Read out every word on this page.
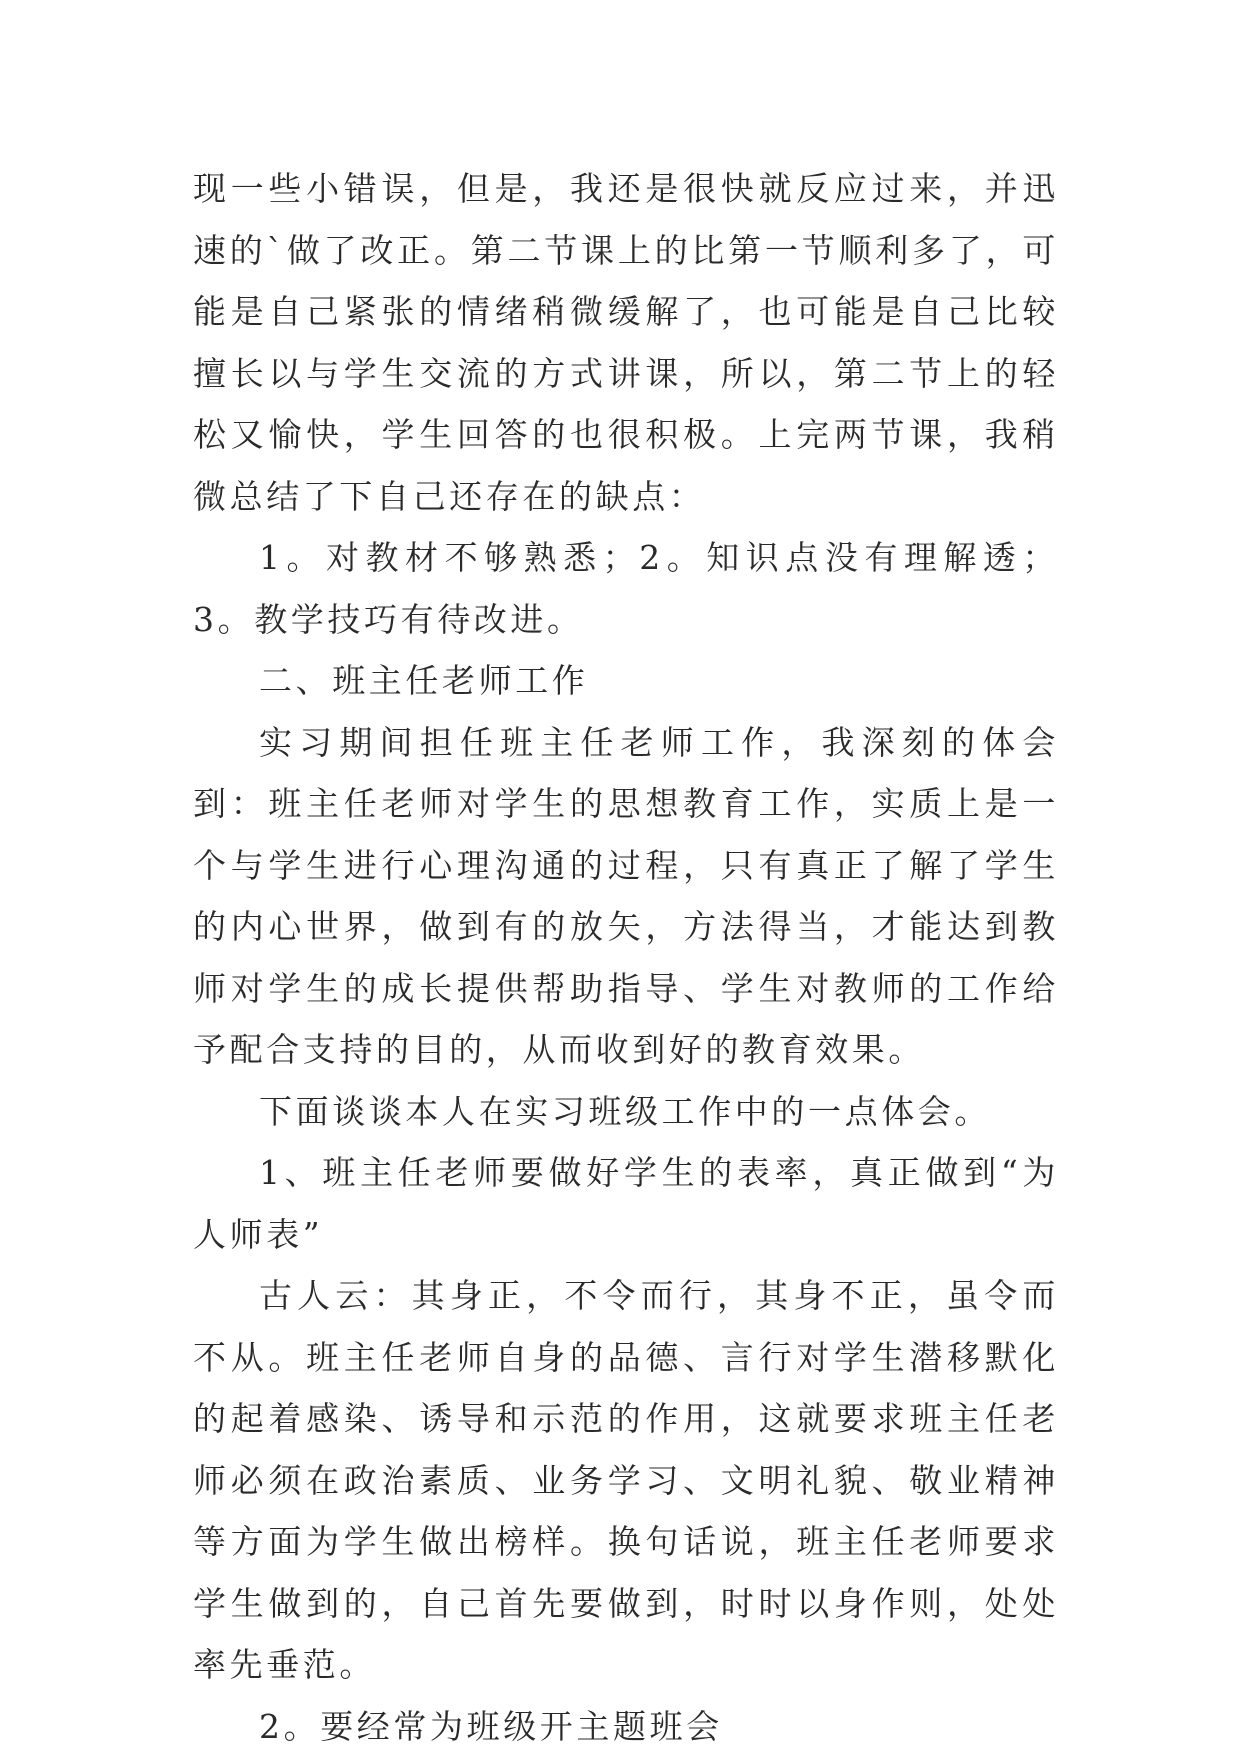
现一些小错误，但是，我还是很快就反应过来，并迅速的`做了改正。第二节课上的比第一节顺利多了，可能是自己紧张的情绪稍微缓解了，也可能是自己比较擅长以与学生交流的方式讲课，所以，第二节上的轻松又愉快，学生回答的也很积极。上完两节课，我稍微总结了下自己还存在的缺点：

1。对教材不够熟悉；2。知识点没有理解透；3。教学技巧有待改进。

二、班主任老师工作

实习期间担任班主任老师工作，我深刻的体会到：班主任老师对学生的思想教育工作，实质上是一个与学生进行心理沟通的过程，只有真正了解了学生的内心世界，做到有的放矢，方法得当，才能达到教师对学生的成长提供帮助指导、学生对教师的工作给予配合支持的目的，从而收到好的教育效果。

下面谈谈本人在实习班级工作中的一点体会。

1、班主任老师要做好学生的表率，真正做到“为人师表”

古人云：其身正，不令而行，其身不正，虽令而不从。班主任老师自身的品德、言行对学生潜移默化的起着感染、诱导和示范的作用，这就要求班主任老师必须在政治素质、业务学习、文明礼貌、敬业精神等方面为学生做出榜样。换句话说，班主任老师要求学生做到的，自己首先要做到，时时以身作则，处处率先垂范。

2。要经常为班级开主题班会
